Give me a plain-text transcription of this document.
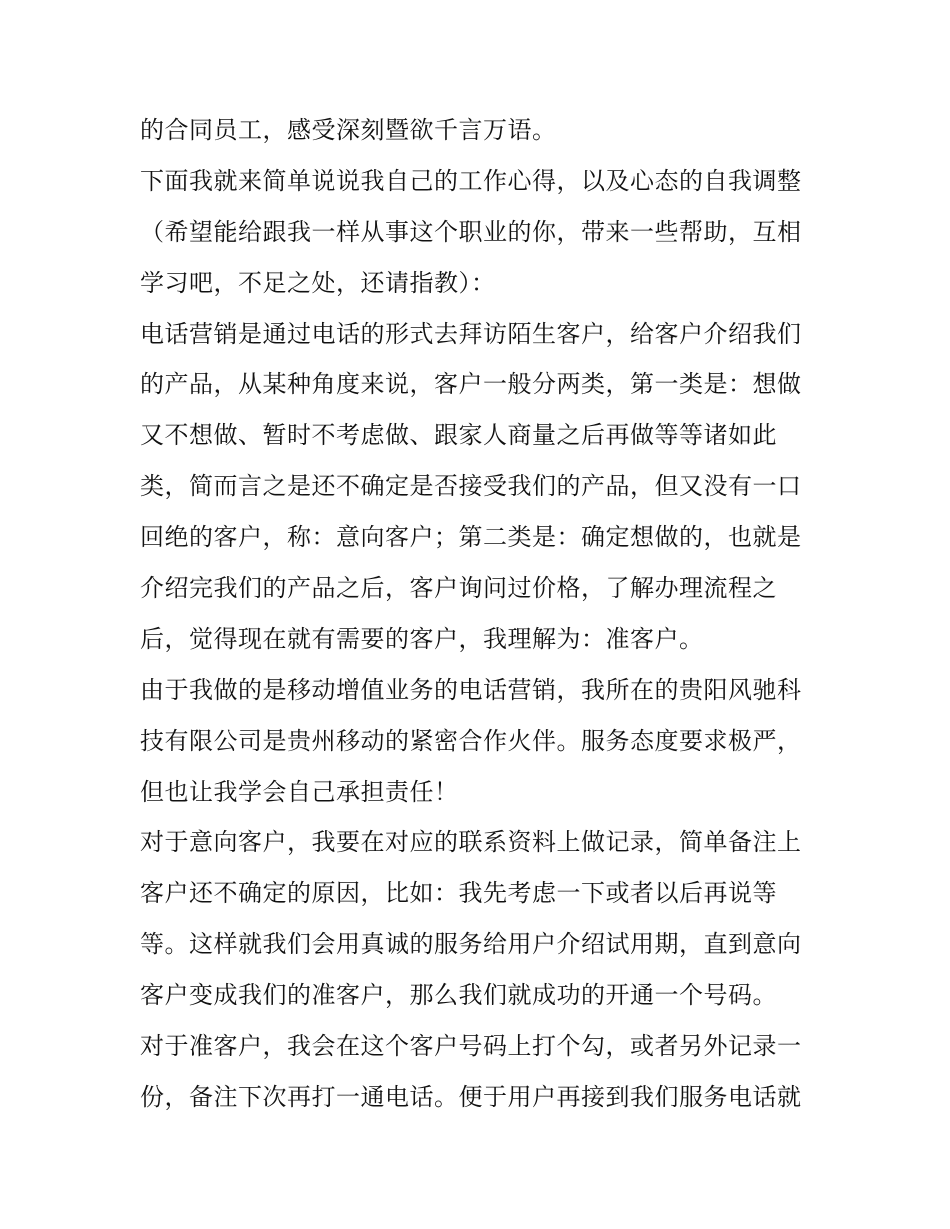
的合同员工，感受深刻暨欲千言万语。
下面我就来简单说说我自己的工作心得，以及心态的自我调整
（希望能给跟我一样从事这个职业的你，带来一些帮助，互相
学习吧，不足之处，还请指教）：
电话营销是通过电话的形式去拜访陌生客户，给客户介绍我们
的产品，从某种角度来说，客户一般分两类，第一类是：想做
又不想做、暂时不考虑做、跟家人商量之后再做等等诸如此
类，简而言之是还不确定是否接受我们的产品，但又没有一口
回绝的客户，称：意向客户；第二类是：确定想做的，也就是
介绍完我们的产品之后，客户询问过价格，了解办理流程之
后，觉得现在就有需要的客户，我理解为：准客户。
由于我做的是移动增值业务的电话营销，我所在的贵阳风驰科
技有限公司是贵州移动的紧密合作火伴。服务态度要求极严，
但也让我学会自己承担责任！
对于意向客户，我要在对应的联系资料上做记录，简单备注上
客户还不确定的原因，比如：我先考虑一下或者以后再说等
等。这样就我们会用真诚的服务给用户介绍试用期，直到意向
客户变成我们的准客户，那么我们就成功的开通一个号码。
对于准客户，我会在这个客户号码上打个勾，或者另外记录一
份，备注下次再打一通电话。便于用户再接到我们服务电话就
